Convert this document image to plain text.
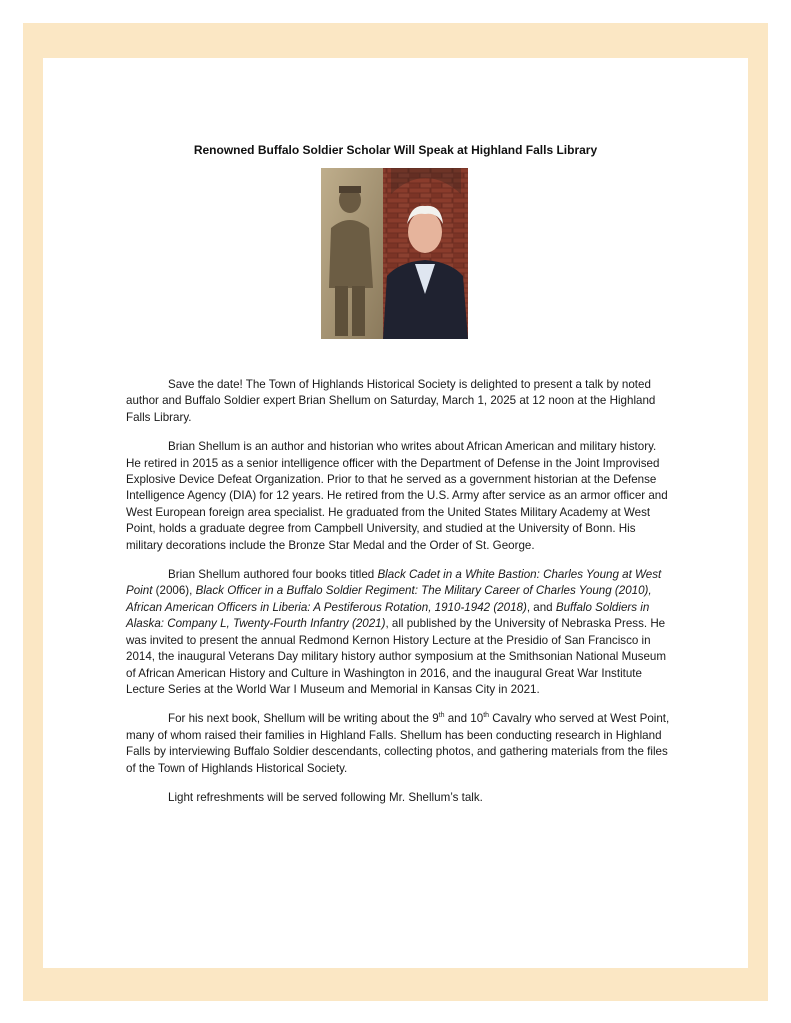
Renowned Buffalo Soldier Scholar Will Speak at Highland Falls Library

Save the date! The Town of Highlands Historical Society is delighted to present a talk by noted author and Buffalo Soldier expert Brian Shellum on Saturday, March 1, 2025 at 12 noon at the Highland Falls Library.

Brian Shellum is an author and historian who writes about African American and military history. He retired in 2015 as a senior intelligence officer with the Department of Defense in the Joint Improvised Explosive Device Defeat Organization. Prior to that he served as a government historian at the Defense Intelligence Agency (DIA) for 12 years. He retired from the U.S. Army after service as an armor officer and West European foreign area specialist. He graduated from the United States Military Academy at West Point, holds a graduate degree from Campbell University, and studied at the University of Bonn. His military decorations include the Bronze Star Medal and the Order of St. George.

Brian Shellum authored four books titled Black Cadet in a White Bastion: Charles Young at West Point (2006), Black Officer in a Buffalo Soldier Regiment: The Military Career of Charles Young (2010), African American Officers in Liberia: A Pestiferous Rotation, 1910-1942 (2018), and Buffalo Soldiers in Alaska: Company L, Twenty-Fourth Infantry (2021), all published by the University of Nebraska Press. He was invited to present the annual Redmond Kernon History Lecture at the Presidio of San Francisco in 2014, the inaugural Veterans Day military history author symposium at the Smithsonian National Museum of African American History and Culture in Washington in 2016, and the inaugural Great War Institute Lecture Series at the World War I Museum and Memorial in Kansas City in 2021.

For his next book, Shellum will be writing about the 9th and 10th Cavalry who served at West Point, many of whom raised their families in Highland Falls. Shellum has been conducting research in Highland Falls by interviewing Buffalo Soldier descendants, collecting photos, and gathering materials from the files of the Town of Highlands Historical Society.

Light refreshments will be served following Mr. Shellum’s talk.
